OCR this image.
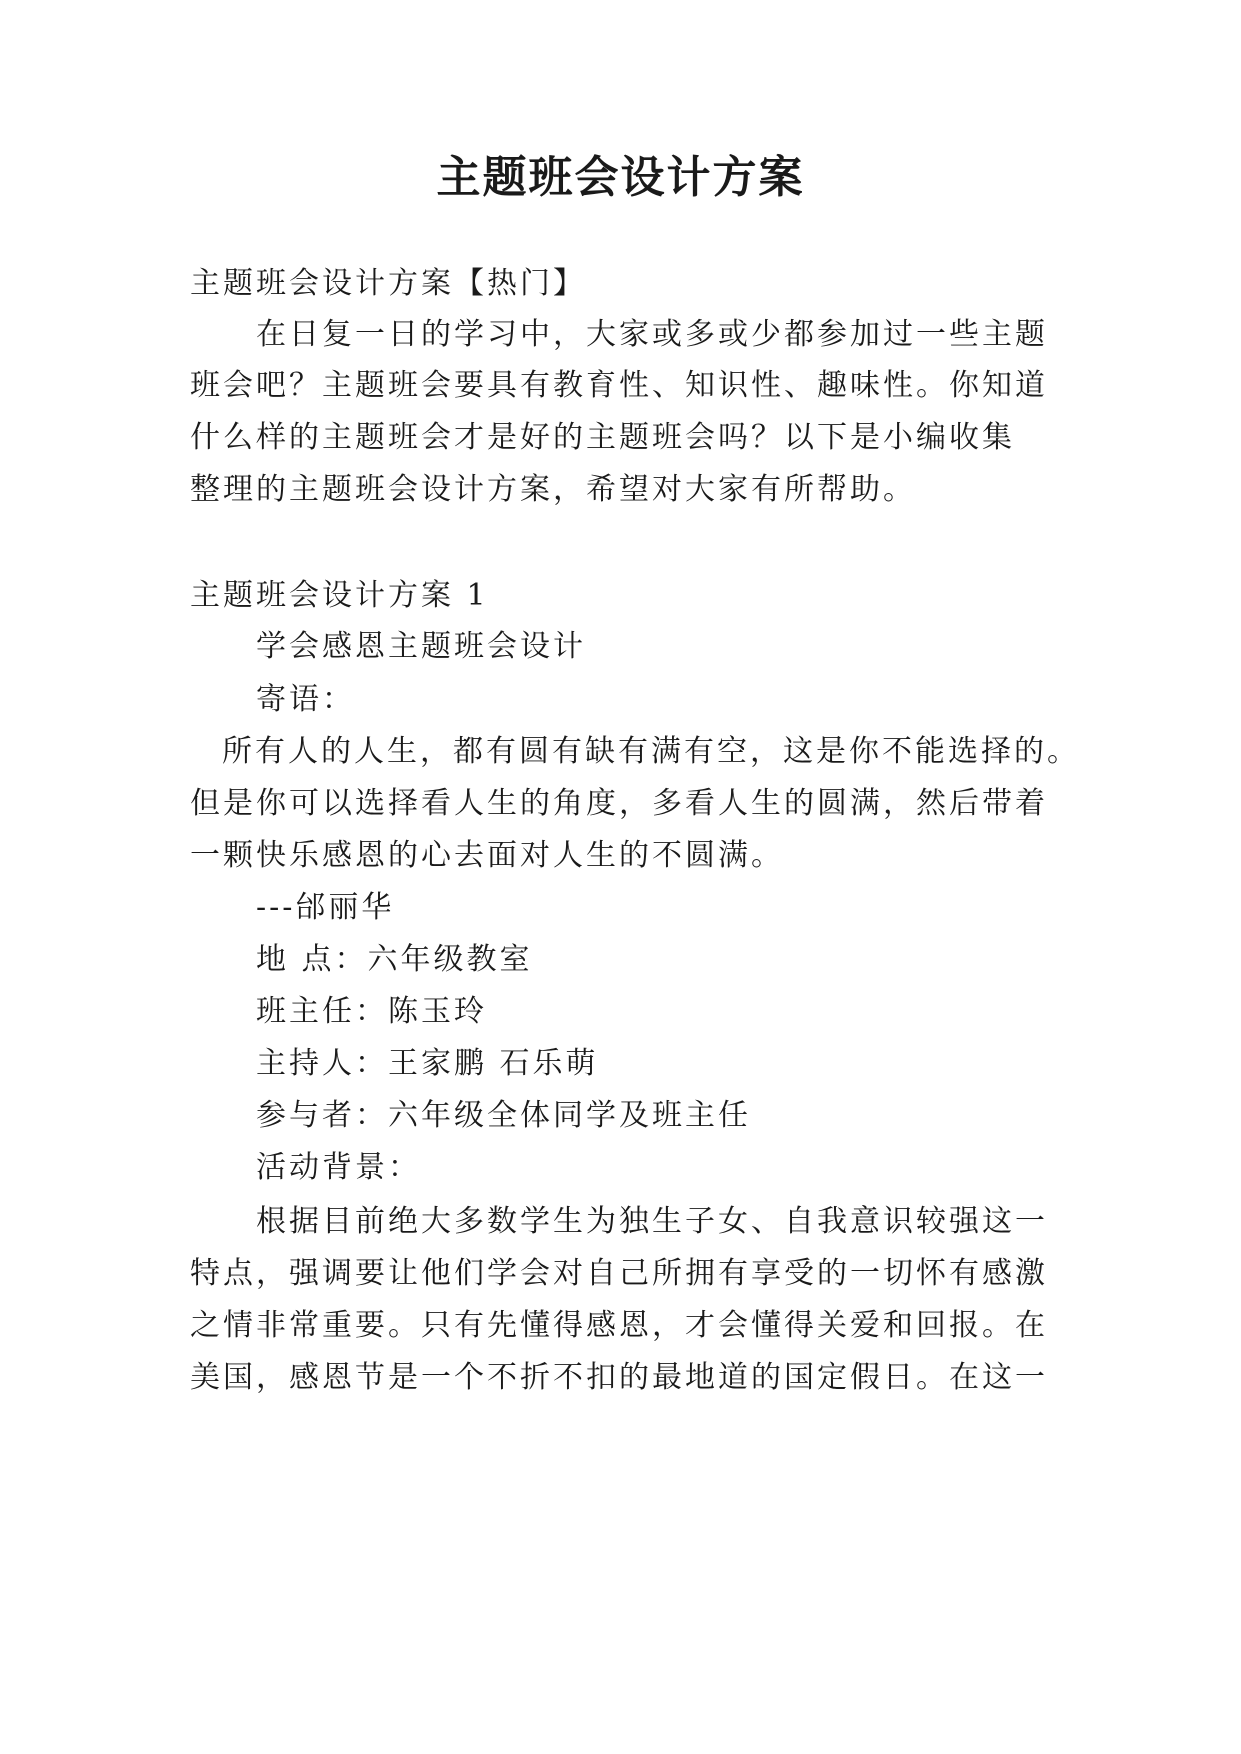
主题班会设计方案
主题班会设计方案【热门】
在日复一日的学习中，大家或多或少都参加过一些主题
班会吧？主题班会要具有教育性、知识性、趣味性。你知道
什么样的主题班会才是好的主题班会吗？以下是小编收集
整理的主题班会设计方案，希望对大家有所帮助。
主题班会设计方案 1
学会感恩主题班会设计
寄语：
所有人的人生，都有圆有缺有满有空，这是你不能选择的。
但是你可以选择看人生的角度，多看人生的圆满，然后带着
一颗快乐感恩的心去面对人生的不圆满。
---邰丽华
地 点：六年级教室
班主任：陈玉玲
主持人：王家鹏 石乐萌
参与者：六年级全体同学及班主任
活动背景：
根据目前绝大多数学生为独生子女、自我意识较强这一
特点，强调要让他们学会对自己所拥有享受的一切怀有感激
之情非常重要。只有先懂得感恩，才会懂得关爱和回报。在
美国，感恩节是一个不折不扣的最地道的国定假日。在这一
